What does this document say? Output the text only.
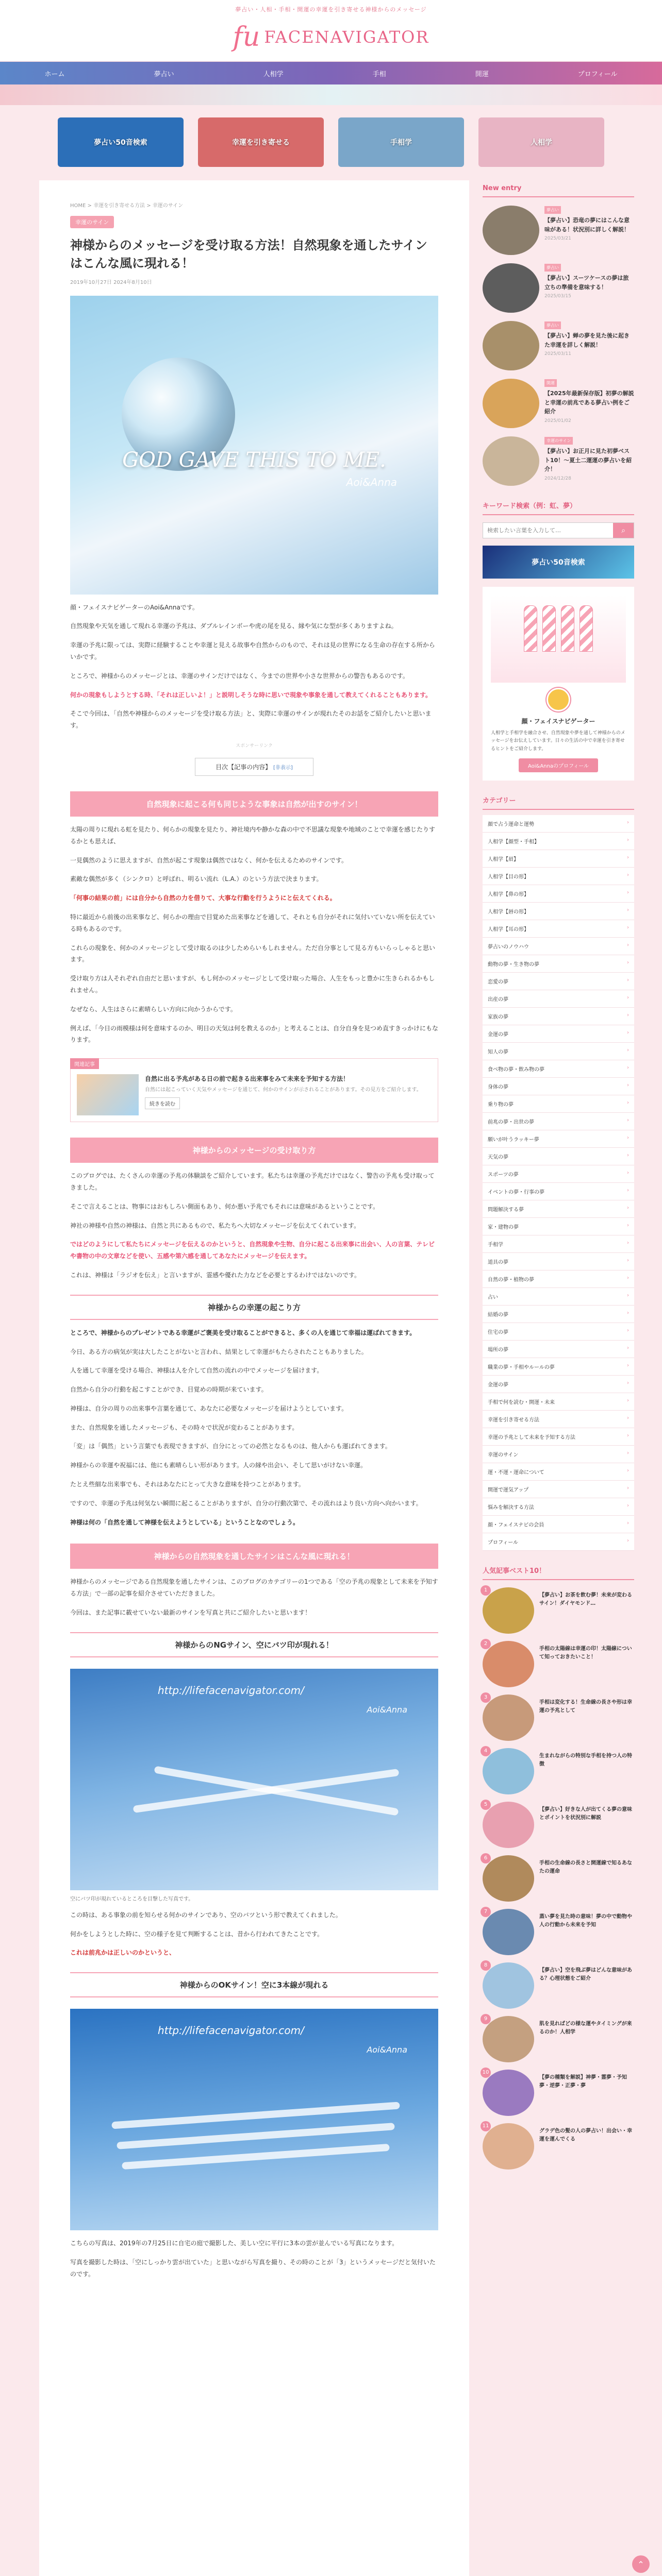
夢占い・人相・手相・開運の幸運を引き寄せる神様からのメッセージ
fu FACENAVIGATOR
ホーム	夢占い	人相学	手相	開運	プロフィール
夢占い50音検索	幸運を引き寄せる	手相学	人相学
HOME > 幸運を引き寄せる方法 > 幸運のサイン
幸運のサイン
神様からのメッセージを受け取る方法！自然現象を通したサインはこんな風に現れる！
2019年10月27日 2024年8月10日
GOD GAVE THIS TO ME.
Aoi&Anna

顔・フェイスナビゲーターのAoi&Annaです。

自然現象や天気を通して現れる幸運の予兆は、ダブルレインボーや虎の尾を見る、縁や気にな型が多くありますよね。

幸運の予兆に限っては、実際に経験することや幸運と見える故事や自然からのもので、それは見の世界になる生命の存在する所からいかです。

ところで、神様からのメッセージとは、幸運のサインだけではなく、今までの世界や小さな世界からの警告もあるのです。

何かの現象もしようとする時、「それは正しいよ！」と説明しそうな時に思いで現象や事象を通して教えてくれることもあります。

そこで今回は、「自然や神様からのメッセージを受け取る方法」と、実際に幸運のサインが現れたそのお話をご紹介したいと思います。

スポンサーリンク
目次【記事の内容】 [非表示]
自然現象に起こる何も同じような事象は自然が出すのサイン！

太陽の周りに現れる虹を見たり、何らかの現象を見たり、神社境内や静かな森の中で不思議な現象や地域のことで幸運を感じたりするかとも思えば、

一見偶然のように思えますが、自然が起こす現象は偶然ではなく、何かを伝えるためのサインです。

素敵な偶然が多く（シンクロ）と呼ばれ、明るい流れ（L.A.）のという方法で決まります。

「何事の結果の前」には自分から自然の力を借りて、大事な行動を行うようにと伝えてくれる。

特に最近から前後の出来事など、何らかの理由で目覚めた出来事などを通して、それとも自分がそれに気付いていない所を伝えている時もあるのです。

これらの現象を、何かのメッセージとして受け取るのは少しためらいもしれません。ただ自分事として見る方もいらっしゃると思います。

受け取り方は人それぞれ自由だと思いますが、もし何かのメッセージとして受け取った場合、人生をもっと豊かに生きられるかもしれません。

なぜなら、人生はさらに素晴らしい方向に向かうからです。

例えば、「今日の雨模様は何を意味するのか、明日の天気は何を教えるのか」と考えることは、自分自身を見つめ直すきっかけにもなります。

関連記事
自然に出る予兆がある日の前で起きる出来事をみて未来を予知する方法！
自然には起こっていく天気やメッセージを通じて、何かのサインが示されることがあります。その見方をご紹介します。
続きを読む
神様からのメッセージの受け取り方

このブログでは、たくさんの幸運の予兆の体験談をご紹介しています。私たちは幸運の予兆だけではなく、警告の予兆も受け取ってきました。

そこで言えることは、物事にはおもしろい側面もあり、何か悪い予兆でもそれには意味があるということです。

神社の神様や自然の神様は、自然と共にあるもので、私たちへ大切なメッセージを伝えてくれています。

ではどのようにして私たちにメッセージを伝えるのかというと、自然現象や生物、自分に起こる出来事に出会い、人の言葉、テレビや書物の中の文章などを使い、五感や第六感を通してあなたにメッセージを伝えます。

これは、神様は「ラジオを伝え」と言いますが、霊感や優れた力などを必要とするわけではないのです。

神様からの幸運の起こり方

ところで、神様からのプレゼントである幸運がご褒美を受け取ることができると、多くの人を通じて幸福は運ばれてきます。

今日、ある方の病気が実は大したことがないと言われ、結果として幸運がもたらされたこともありました。

人を通して幸運を受ける場合、神様は人を介して自然の流れの中でメッセージを届けます。

自然から自分の行動を起こすことができ、目覚めの時期が来ています。

神様は、自分の周りの出来事や言葉を通じて、あなたに必要なメッセージを届けようとしています。

また、自然現象を通したメッセージも、その時々で状況が変わることがあります。

「変」は「偶然」という言葉でも表現できますが、自分にとっての必然となるものは、他人からも運ばれてきます。

神様からの幸運や祝福には、他にも素晴らしい形があります。人の縁や出会い、そして思いがけない幸運。

たとえ些細な出来事でも、それはあなたにとって大きな意味を持つことがあります。

ですので、幸運の予兆は何気ない瞬間に起こることがありますが、自分の行動次第で、その流れはより良い方向へ向かいます。

神様は何の「自然を通して神様を伝えようとしている」ということなのでしょう。

神様からの自然現象を通したサインはこんな風に現れる！

神様からのメッセージである自然現象を通したサインは、このブログのカテゴリーの1つである「空の予兆の現象として未来を予知する方法」で一部の記事を紹介させていただきました。

今回は、また記事に載せていない最新のサインを写真と共にご紹介したいと思います！

神様からのNGサイン、空にバツ印が現れる！
http://lifefacenavigator.com/
Aoi&Anna
空にバツ印が現れているところを目撃した写真です。

この時は、ある事象の前を知らせる何かのサインであり、空のバツという形で教えてくれました。

何かをしようとした時に、空の様子を見て判断することは、昔から行われてきたことです。

これは前兆かは正しいのかというと、

神様からのOKサイン！空に3本線が現れる
http://lifefacenavigator.com/
Aoi&Anna

こちらの写真は、2019年の7月25日に自宅の庭で撮影した、美しい空に平行に3本の雲が並んでいる写真になります。

写真を撮影した時は、「空にしっかり雲が出ていた」と思いながら写真を撮り、その時のことが「3」というメッセージだと気付いたのです。

New entry
夢占い
【夢占い】恐竜の夢にはこんな意味がある！状況別に詳しく解説！
2025/03/21
夢占い
【夢占い】スーツケースの夢は旅立ちの準備を意味する！
2025/03/15
夢占い
【夢占い】蝉の夢を見た後に起きた幸運を詳しく解説！
2025/03/11
開運
【2025年最新保存版】初夢の解説と幸運の前兆である夢占い例をご紹介
2025/01/02
幸運のサイン
【夢占い】お正月に見た初夢ベスト10！〜夏土二運運の夢占いを紹介！
2024/12/28
キーワード検索（例：虹、夢）
検索したい言葉を入力して…
⌕
夢占い50音検索
顔・フェイスナビゲーター
人相学と手相学を融合させ、自然現象や夢を通して神様からのメッセージをお伝えしています。日々の生活の中で幸運を引き寄せるヒントをご紹介します。
Aoi&Annaのプロフィール
カテゴリー
顔で占う運命と運勢 ›
人相学【顔型・手相】 ›
人相学【眉】 ›
人相学【目の形】 ›
人相学【鼻の形】 ›
人相学【唇の形】 ›
人相学【耳の形】 ›
夢占いのノウハウ ›
動物の夢・生き物の夢 ›
恋愛の夢 ›
出産の夢 ›
家族の夢 ›
金運の夢 ›
知人の夢 ›
食べ物の夢・飲み物の夢 ›
身体の夢 ›
乗り物の夢 ›
前兆の夢・出世の夢 ›
願いが叶うラッキー夢 ›
天気の夢 ›
スポーツの夢 ›
イベントの夢・行事の夢 ›
問題解決する夢 ›
家・建物の夢 ›
手相学 ›
道具の夢 ›
自然の夢・植物の夢 ›
占い ›
結婚の夢 ›
住宅の夢 ›
場所の夢 ›
職業の夢・手相やルールの夢 ›
金運の夢 ›
手相で何を読む・開運・未来 ›
幸運を引き寄せる方法 ›
幸運の予兆として未来を予知する方法 ›
幸運のサイン ›
運・不運・運命について ›
開運で運気アップ ›
悩みを解決する方法 ›
顔・フェイスナビの会員 ›
プロフィール ›
人気記事ベスト10！
1
【夢占い】お茶を飲む夢！未来が変わるサイン！ダイヤモンド…
2
手相の太陽線は幸運の印！太陽線について知っておきたいこと！
3
手相は変化する！生命線の長さや形は幸運の予兆として
4
生まれながらの特別な手相を持つ人の特徴
5
【夢占い】好きな人が出てくる夢の意味とポイントを状況別に解説
6
手相の生命線の長さと開運線で知るあなたの運命
7
蒸い夢を見た時の意味！夢の中で動物や人の行動から未来を予知
8
【夢占い】空を飛ぶ夢はどんな意味がある？心理状態をご紹介
9
肌を見ればどの様な運やタイミングが来るのか！人相学
10
【夢の種類を解説】神夢・霊夢・予知夢・逆夢・正夢・夢
11
グラデ色の髪の人の夢占い！出会い・幸運を運んでくる
⌃
